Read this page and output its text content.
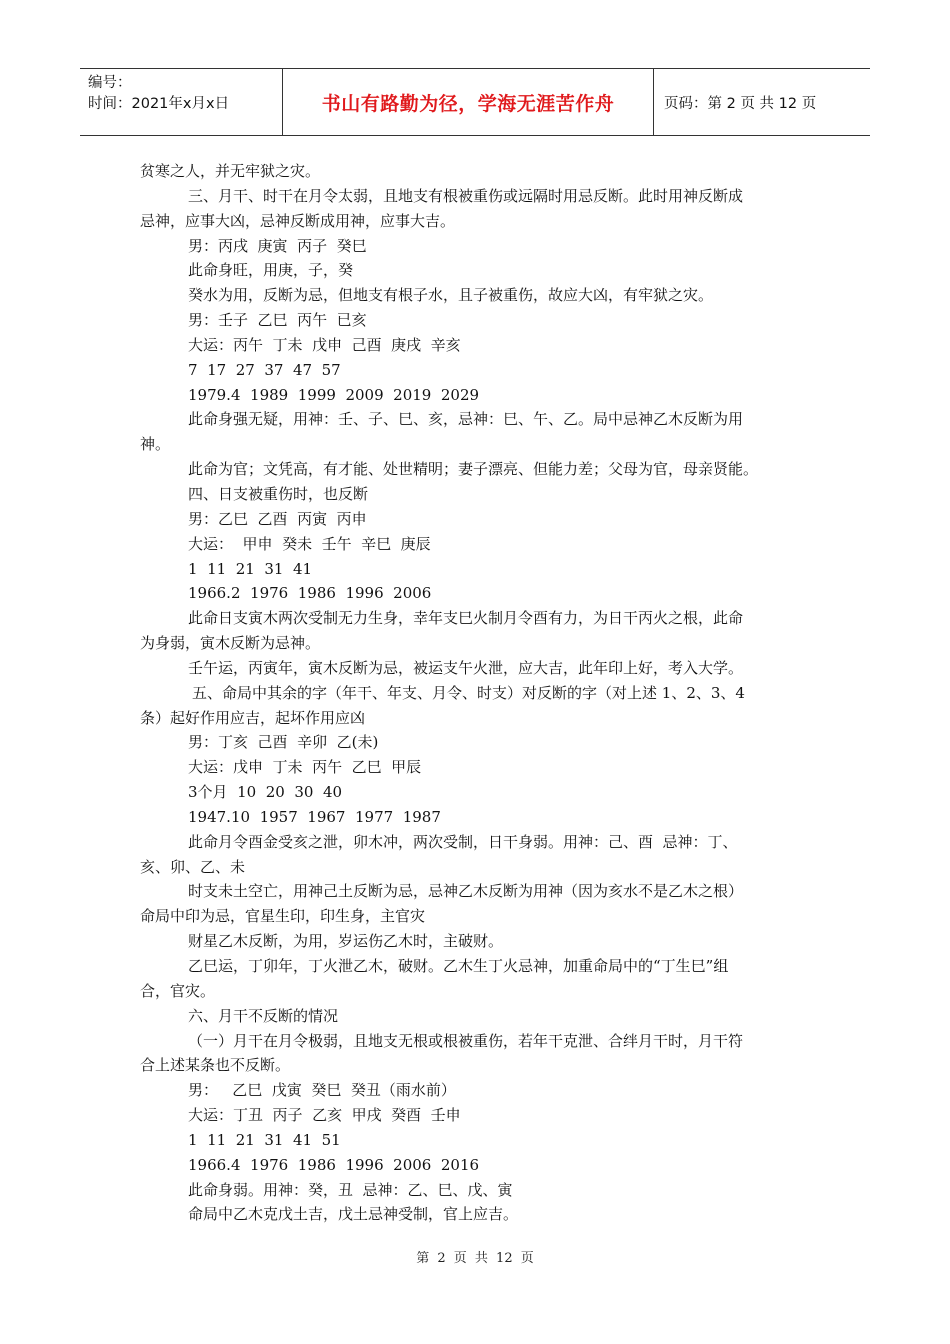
编号：
时间：2021年x月x日	书山有路勤为径，学海无涯苦作舟	页码：第 2 页 共 12 页

贫寒之人，并无牢狱之灾。

三、月干、时干在月令太弱，且地支有根被重伤或远隔时用忌反断。此时用神反断成

忌神，应事大凶，忌神反断成用神，应事大吉。

男：丙戌  庚寅  丙子  癸巳

此命身旺，用庚，子，癸

癸水为用，反断为忌，但地支有根子水，且子被重伤，故应大凶，有牢狱之灾。

男：壬子  乙巳  丙午  已亥

大运：丙午  丁未  戊申  己酉  庚戌  辛亥

7  17  27  37  47  57

1979.4  1989  1999  2009  2019  2029

此命身强无疑，用神：壬、子、巳、亥，忌神：巳、午、乙。局中忌神乙木反断为用

神。

此命为官；文凭高，有才能、处世精明；妻子漂亮、但能力差；父母为官，母亲贤能。

四、日支被重伤时，也反断

男：乙巳  乙酉  丙寅  丙申

大运：  甲申  癸未  壬午  辛巳  庚辰

1  11  21  31  41

1966.2  1976  1986  1996  2006

此命日支寅木两次受制无力生身，幸年支巳火制月令酉有力，为日干丙火之根，此命

为身弱，寅木反断为忌神。

壬午运，丙寅年，寅木反断为忌，被运支午火泄，应大吉，此年印上好，考入大学。

五、命局中其余的字（年干、年支、月令、时支）对反断的字（对上述 1、2、3、4

条）起好作用应吉，起坏作用应凶

男：丁亥  己酉  辛卯  乙(未)

大运：戊申  丁未  丙午  乙巳  甲辰

3个月  10  20  30  40

1947.10  1957  1967  1977  1987

此命月令酉金受亥之泄，卯木冲，两次受制，日干身弱。用神：己、酉  忌神：丁、

亥、卯、乙、未

时支未土空亡，用神己土反断为忌，忌神乙木反断为用神（因为亥水不是乙木之根）

命局中印为忌，官星生印，印生身，主官灾

财星乙木反断，为用，岁运伤乙木时，主破财。

乙巳运，丁卯年，丁火泄乙木，破财。乙木生丁火忌神，加重命局中的“丁生巳”组

合，官灾。

六、月干不反断的情况

（一）月干在月令极弱，且地支无根或根被重伤，若年干克泄、合绊月干时，月干符

合上述某条也不反断。

男：   乙巳  戊寅  癸巳  癸丑（雨水前）

大运：丁丑  丙子  乙亥  甲戌  癸酉  壬申

1  11  21  31  41  51

1966.4  1976  1986  1996  2006  2016

此命身弱。用神：癸，丑  忌神：乙、巳、戊、寅

命局中乙木克戊土吉，戊土忌神受制，官上应吉。

第 2 页 共 12 页
